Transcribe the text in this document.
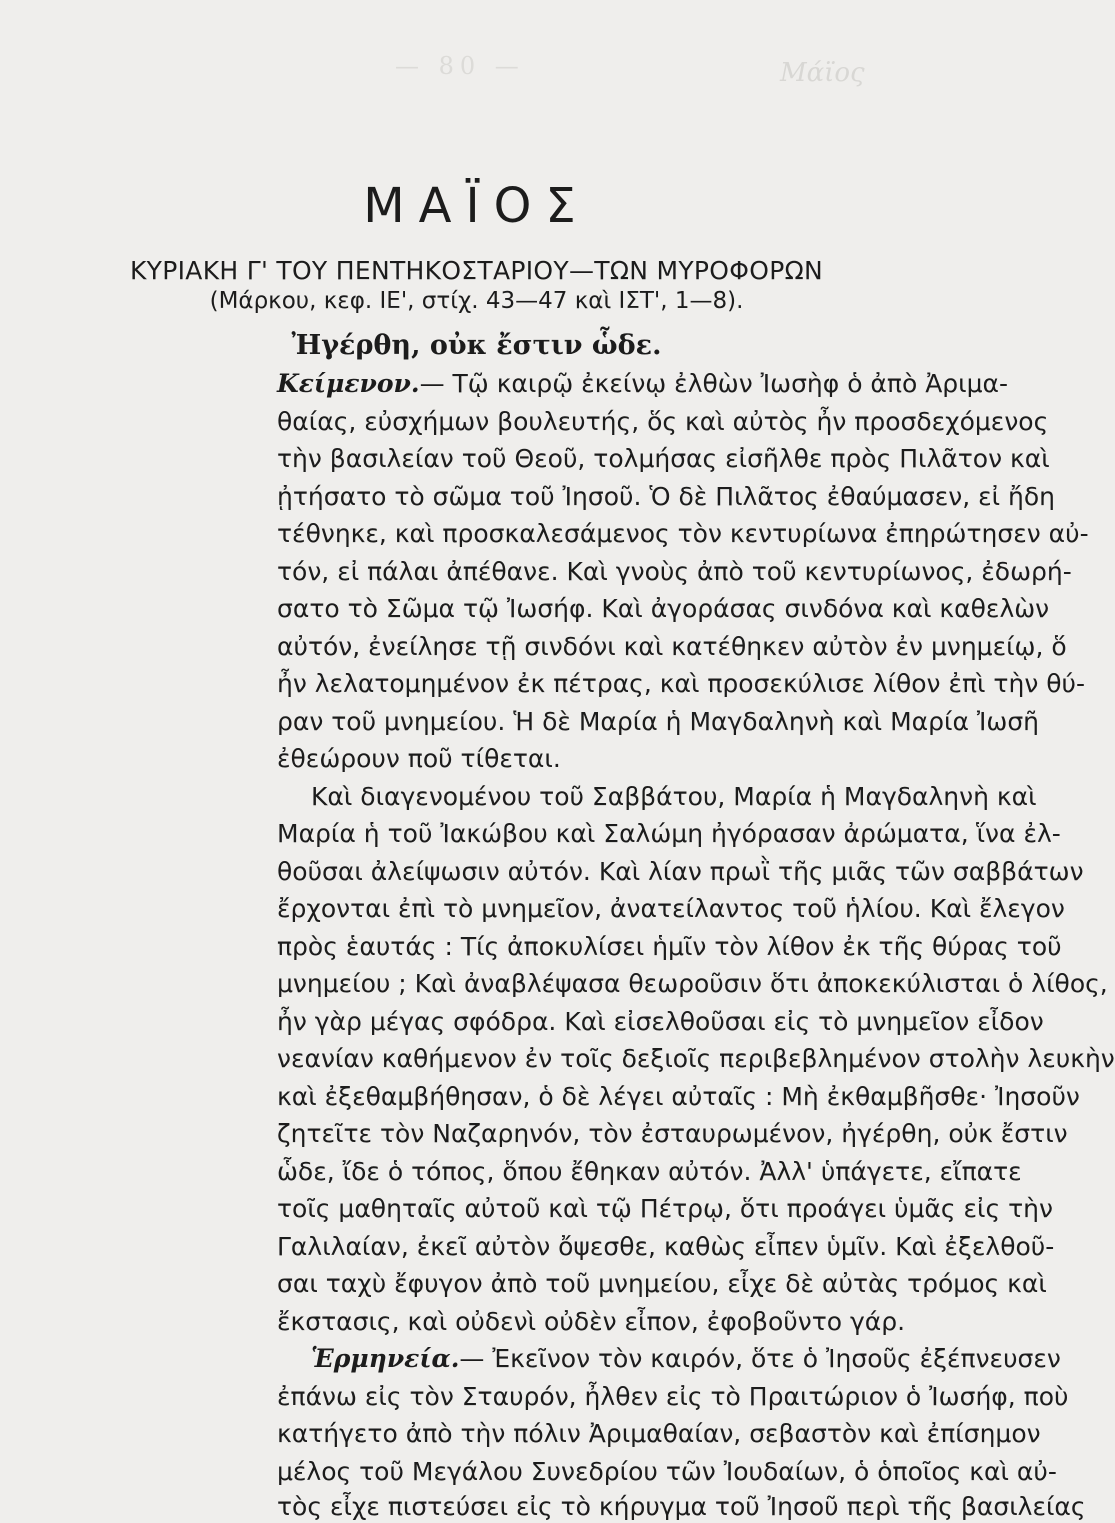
Μάϊος
— 80 —
ΜΑΪΟΣ
ΚΥΡΙΑΚΗ Γ' ΤΟΥ ΠΕΝΤΗΚΟΣΤΑΡΙΟΥ—ΤΩΝ ΜΥΡΟΦΟΡΩΝ
(Μάρκου, κεφ. ΙΕ', στίχ. 43—47 καὶ ΙΣΤ', 1—8).
Ἠγέρθη, οὐκ ἔστιν ὧδε.
Κείμενον.— Τῷ καιρῷ ἐκείνῳ ἐλθὼν Ἰωσὴφ ὁ ἀπὸ Ἀριμα-
θαίας, εὐσχήμων βουλευτής, ὅς καὶ αὐτὸς ἦν προσδεχόμενος
τὴν βασιλείαν τοῦ Θεοῦ, τολμήσας εἰσῆλθε πρὸς Πιλᾶτον καὶ
ᾐτήσατο τὸ σῶμα τοῦ Ἰησοῦ. Ὁ δὲ Πιλᾶτος ἐθαύμασεν, εἰ ἤδη
τέθνηκε, καὶ προσκαλεσάμενος τὸν κεντυρίωνα ἐπηρώτησεν αὐ-
τόν, εἰ πάλαι ἀπέθανε. Καὶ γνοὺς ἀπὸ τοῦ κεντυρίωνος, ἐδωρή-
σατο τὸ Σῶμα τῷ Ἰωσήφ. Καὶ ἀγοράσας σινδόνα καὶ καθελὼν
αὐτόν, ἐνείλησε τῇ σινδόνι καὶ κατέθηκεν αὐτὸν ἐν μνημείῳ, ὅ
ἦν λελατομημένον ἐκ πέτρας, καὶ προσεκύλισε λίθον ἐπὶ τὴν θύ-
ραν τοῦ μνημείου. Ἡ δὲ Μαρία ἡ Μαγδαληνὴ καὶ Μαρία Ἰωσῆ
ἐθεώρουν ποῦ τίθεται.
Καὶ διαγενομένου τοῦ Σαββάτου, Μαρία ἡ Μαγδαληνὴ καὶ
Μαρία ἡ τοῦ Ἰακώβου καὶ Σαλώμη ἠγόρασαν ἀρώματα, ἵνα ἐλ-
θοῦσαι ἀλείψωσιν αὐτόν. Καὶ λίαν πρωῒ τῆς μιᾶς τῶν σαββάτων
ἔρχονται ἐπὶ τὸ μνημεῖον, ἀνατείλαντος τοῦ ἡλίου. Καὶ ἔλεγον
πρὸς ἑαυτάς : Τίς ἀποκυλίσει ἡμῖν τὸν λίθον ἐκ τῆς θύρας τοῦ
μνημείου ; Καὶ ἀναβλέψασα θεωροῦσιν ὅτι ἀποκεκύλισται ὁ λίθος,
ἦν γὰρ μέγας σφόδρα. Καὶ εἰσελθοῦσαι εἰς τὸ μνημεῖον εἶδον
νεανίαν καθήμενον ἐν τοῖς δεξιοῖς περιβεβλημένον στολὴν λευκὴν
καὶ ἐξεθαμβήθησαν, ὁ δὲ λέγει αὐταῖς : Μὴ ἐκθαμβῆσθε· Ἰησοῦν
ζητεῖτε τὸν Ναζαρηνόν, τὸν ἐσταυρωμένον, ἠγέρθη, οὐκ ἔστιν
ὧδε, ἴδε ὁ τόπος, ὅπου ἔθηκαν αὐτόν. Ἀλλ' ὑπάγετε, εἴπατε
τοῖς μαθηταῖς αὐτοῦ καὶ τῷ Πέτρῳ, ὅτι προάγει ὑμᾶς εἰς τὴν
Γαλιλαίαν, ἐκεῖ αὐτὸν ὄψεσθε, καθὼς εἶπεν ὑμῖν. Καὶ ἐξελθοῦ-
σαι ταχὺ ἔφυγον ἀπὸ τοῦ μνημείου, εἶχε δὲ αὐτὰς τρόμος καὶ
ἔκστασις, καὶ οὐδενὶ οὐδὲν εἶπον, ἐφοβοῦντο γάρ.
Ἑρμηνεία.— Ἐκεῖνον τὸν καιρόν, ὅτε ὁ Ἰησοῦς ἐξέπνευσεν
ἐπάνω εἰς τὸν Σταυρόν, ἦλθεν εἰς τὸ Πραιτώριον ὁ Ἰωσήφ, ποὺ
κατήγετο ἀπὸ τὴν πόλιν Ἀριμαθαίαν, σεβαστὸν καὶ ἐπίσημον
μέλος τοῦ Μεγάλου Συνεδρίου τῶν Ἰουδαίων, ὁ ὁποῖος καὶ αὐ-
τὸς εἶχε πιστεύσει εἰς τὸ κήρυγμα τοῦ Ἰησοῦ περὶ τῆς βασιλείας
